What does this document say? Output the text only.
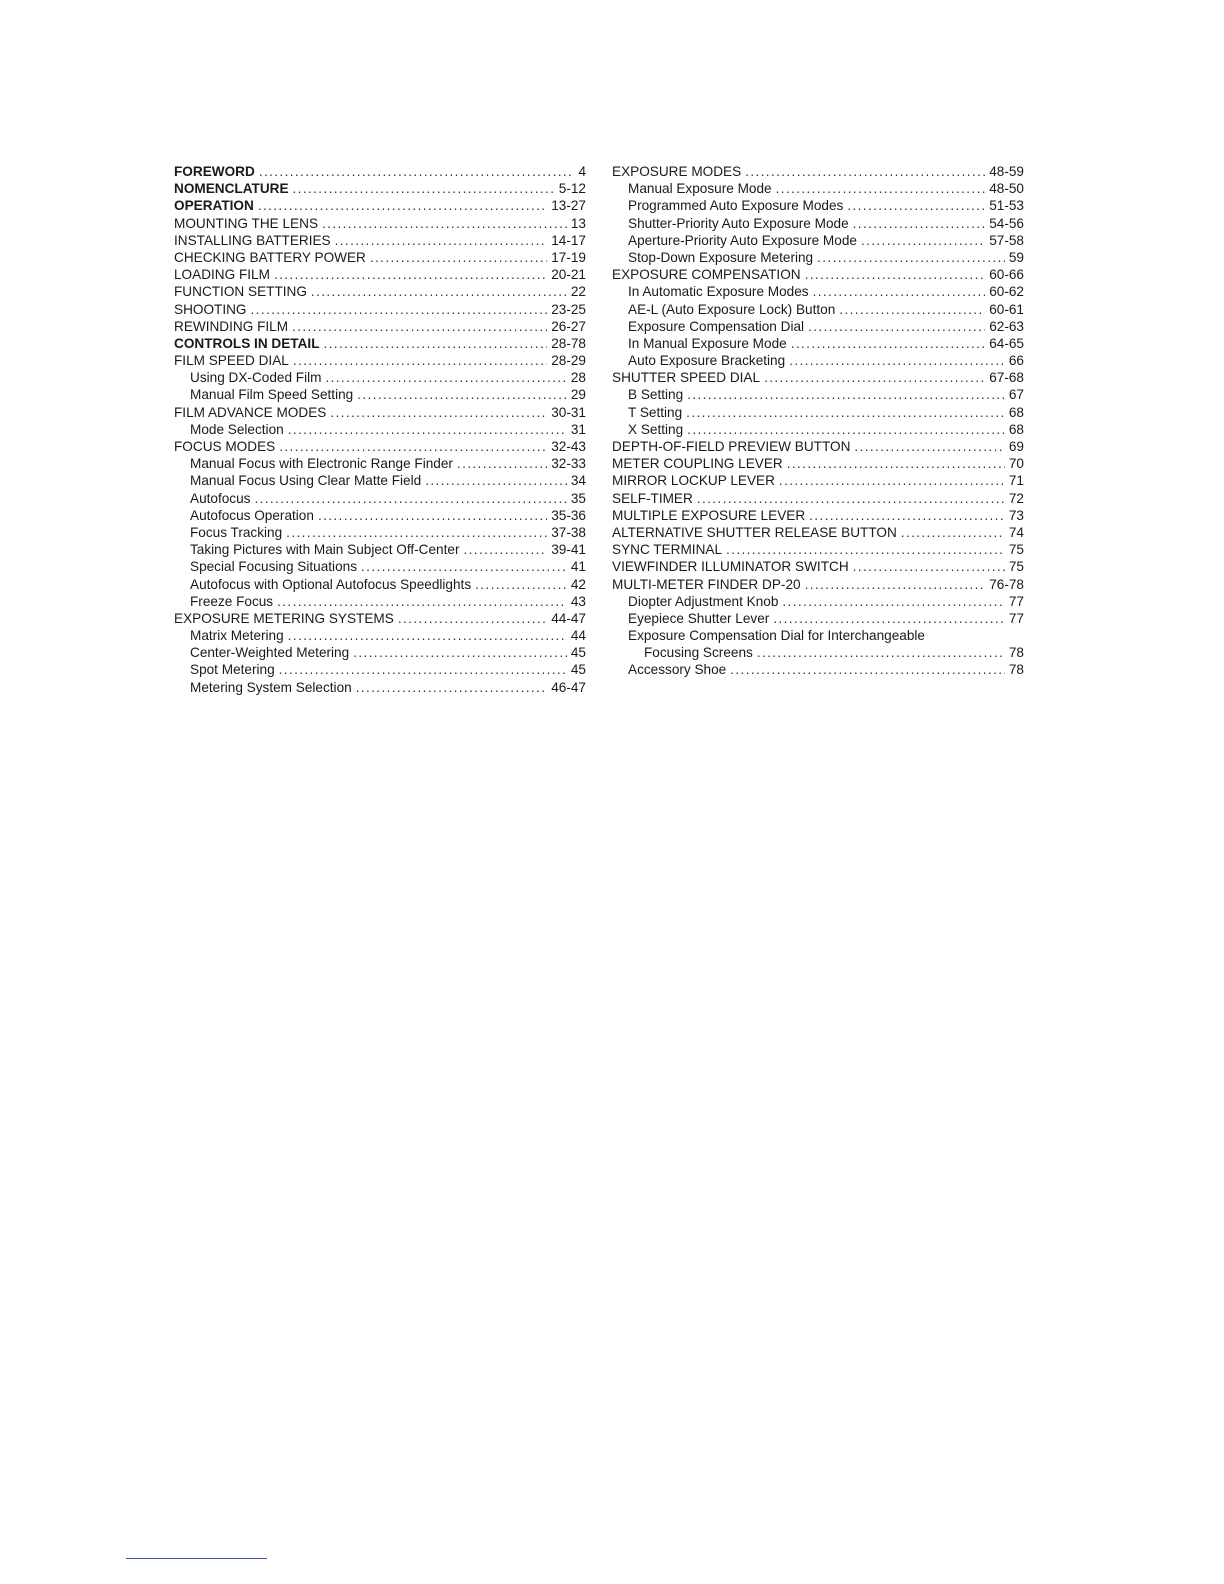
FOREWORD . . .	4
NOMENCLATURE . . .	5-12
OPERATION . . .	13-27
MOUNTING THE LENS . . .	13
INSTALLING BATTERIES . . .	14-17
CHECKING BATTERY POWER . . .	17-19
LOADING FILM . . .	20-21
FUNCTION SETTING . . .	22
SHOOTING . . .	23-25
REWINDING FILM . . .	26-27
CONTROLS IN DETAIL . . .	28-78
FILM SPEED DIAL . . .	28-29
Using DX-Coded Film . . .	28
Manual Film Speed Setting . . .	29
FILM ADVANCE MODES . . .	30-31
Mode Selection . . .	31
FOCUS MODES . . .	32-43
Manual Focus with Electronic Range Finder . . .	32-33
Manual Focus Using Clear Matte Field . . .	34
Autofocus . . .	35
Autofocus Operation . . .	35-36
Focus Tracking . . .	37-38
Taking Pictures with Main Subject Off-Center . . .	39-41
Special Focusing Situations . . .	41
Autofocus with Optional Autofocus Speedlights . . .	42
Freeze Focus . . .	43
EXPOSURE METERING SYSTEMS . . .	44-47
Matrix Metering . . .	44
Center-Weighted Metering . . .	45
Spot Metering . . .	45
Metering System Selection . . .	46-47
EXPOSURE MODES . . .	48-59
Manual Exposure Mode . . .	48-50
Programmed Auto Exposure Modes . . .	51-53
Shutter-Priority Auto Exposure Mode . . .	54-56
Aperture-Priority Auto Exposure Mode . . .	57-58
Stop-Down Exposure Metering . . .	59
EXPOSURE COMPENSATION . . .	60-66
In Automatic Exposure Modes . . .	60-62
AE-L (Auto Exposure Lock) Button . . .	60-61
Exposure Compensation Dial . . .	62-63
In Manual Exposure Mode . . .	64-65
Auto Exposure Bracketing . . .	66
SHUTTER SPEED DIAL . . .	67-68
B Setting . . .	67
T Setting . . .	68
X Setting . . .	68
DEPTH-OF-FIELD PREVIEW BUTTON . . .	69
METER COUPLING LEVER . . .	70
MIRROR LOCKUP LEVER . . .	71
SELF-TIMER . . .	72
MULTIPLE EXPOSURE LEVER . . .	73
ALTERNATIVE SHUTTER RELEASE BUTTON . . .	74
SYNC TERMINAL . . .	75
VIEWFINDER ILLUMINATOR SWITCH . . .	75
MULTI-METER FINDER DP-20 . . .	76-78
Diopter Adjustment Knob . . .	77
Eyepiece Shutter Lever . . .	77
Exposure Compensation Dial for Interchangeable
Focusing Screens . . .	78
Accessory Shoe . . .	78
